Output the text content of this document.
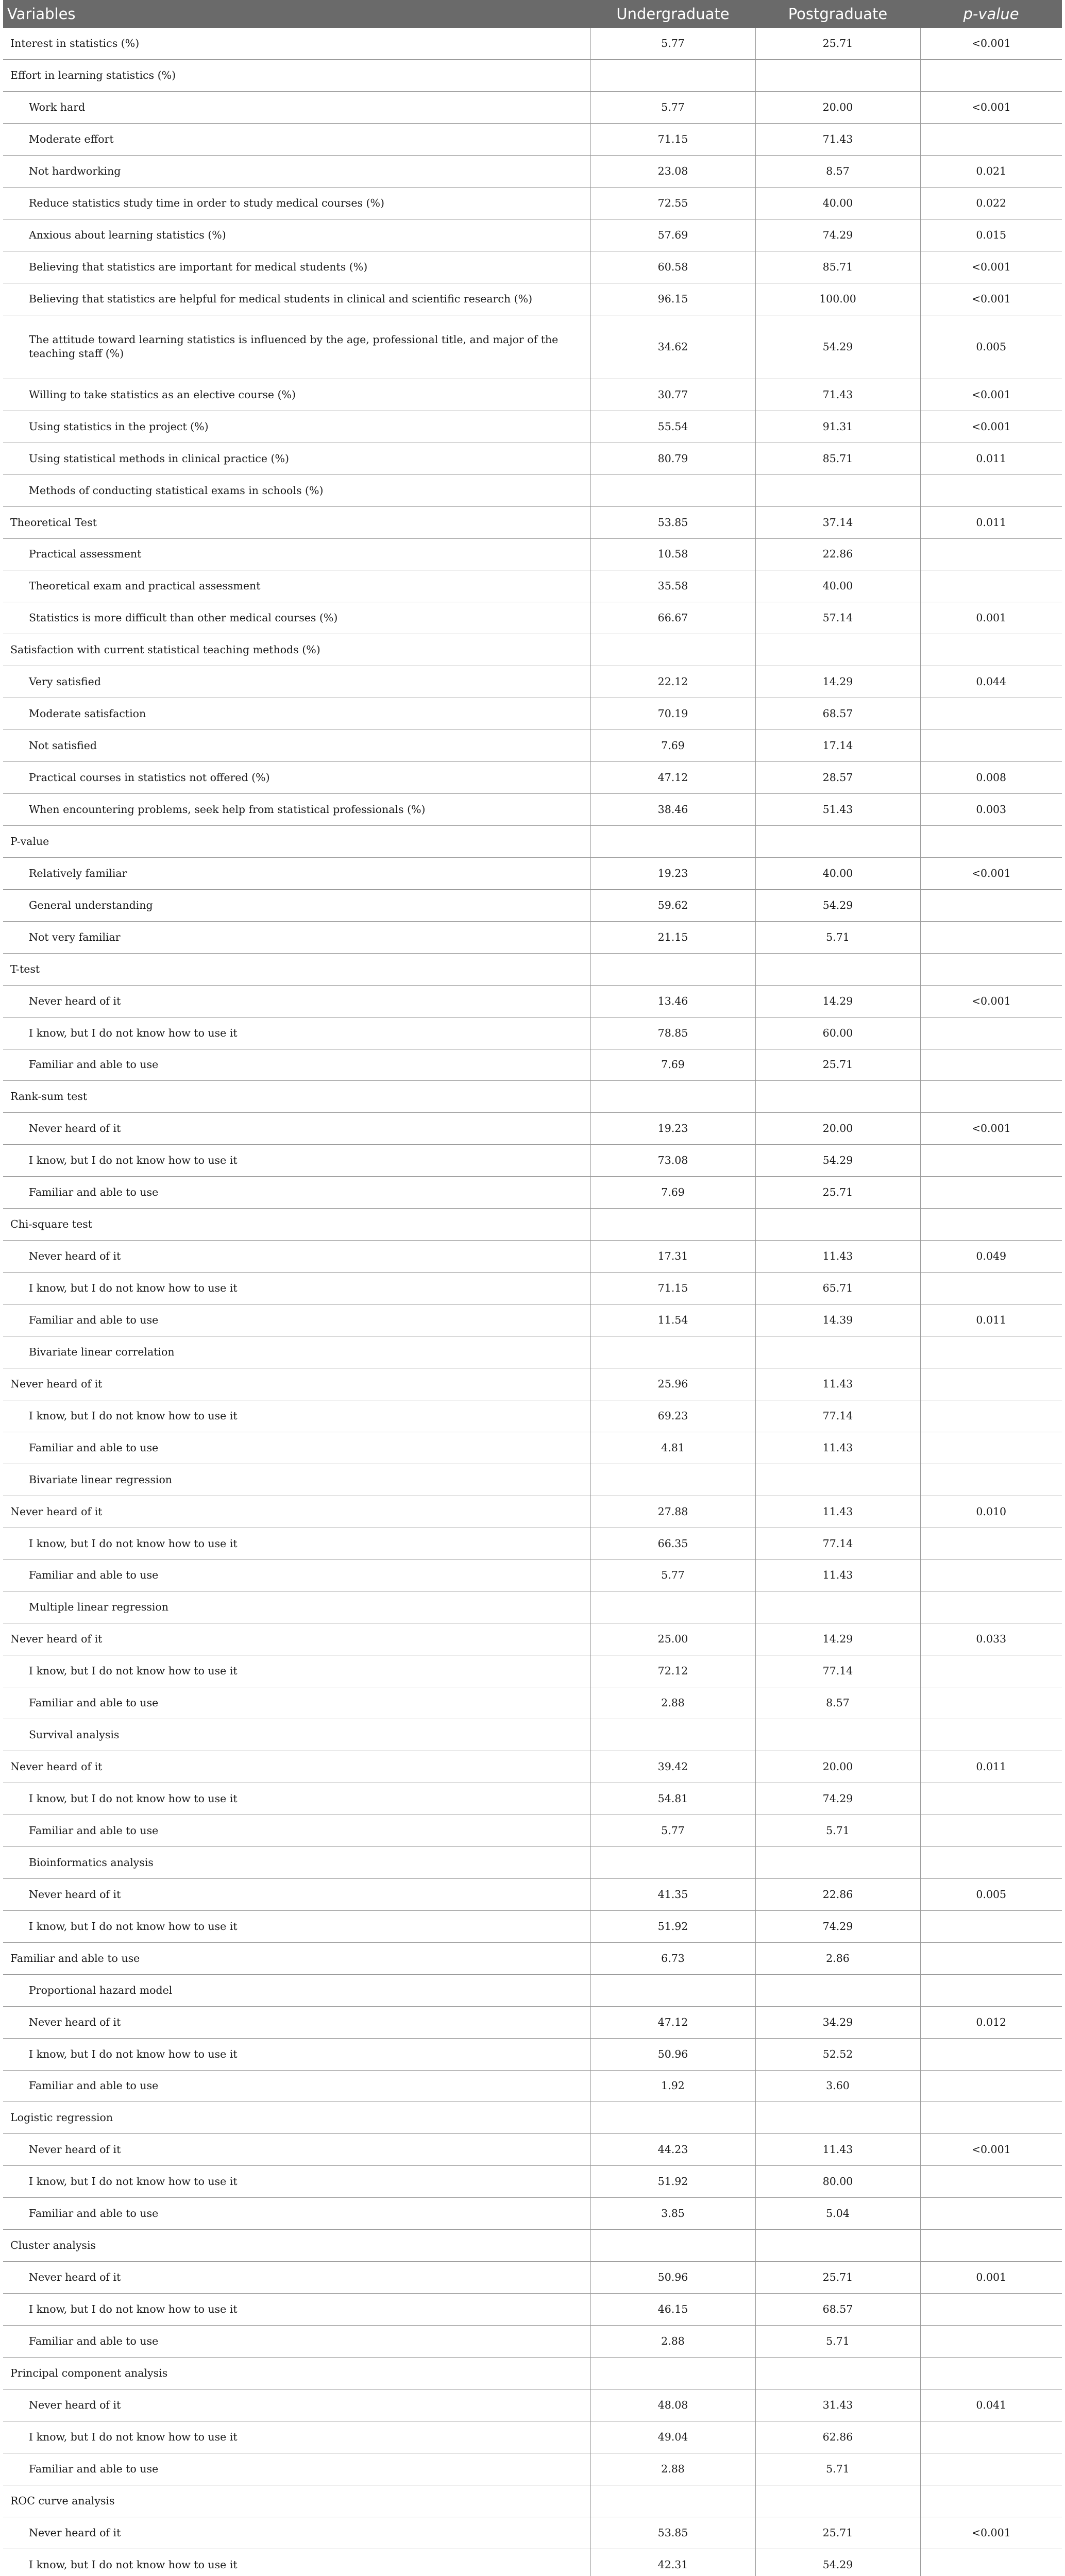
Variables	Undergraduate	Postgraduate	p-value
Interest in statistics (%)	5.77	25.71	<0.001
Effort in learning statistics (%)			
Work hard	5.77	20.00	<0.001
Moderate effort	71.15	71.43	
Not hardworking	23.08	8.57	0.021
Reduce statistics study time in order to study medical courses (%)	72.55	40.00	0.022
Anxious about learning statistics (%)	57.69	74.29	0.015
Believing that statistics are important for medical students (%)	60.58	85.71	<0.001
Believing that statistics are helpful for medical students in clinical and scientific research (%)	96.15	100.00	<0.001
The attitude toward learning statistics is influenced by the age, professional title, and major of the teaching staff (%)	34.62	54.29	0.005
Willing to take statistics as an elective course (%)	30.77	71.43	<0.001
Using statistics in the project (%)	55.54	91.31	<0.001
Using statistical methods in clinical practice (%)	80.79	85.71	0.011
Methods of conducting statistical exams in schools (%)			
Theoretical Test	53.85	37.14	0.011
Practical assessment	10.58	22.86	
Theoretical exam and practical assessment	35.58	40.00	
Statistics is more difficult than other medical courses (%)	66.67	57.14	0.001
Satisfaction with current statistical teaching methods (%)			
Very satisfied	22.12	14.29	0.044
Moderate satisfaction	70.19	68.57	
Not satisfied	7.69	17.14	
Practical courses in statistics not offered (%)	47.12	28.57	0.008
When encountering problems, seek help from statistical professionals (%)	38.46	51.43	0.003
P-value			
Relatively familiar	19.23	40.00	<0.001
General understanding	59.62	54.29	
Not very familiar	21.15	5.71	
T-test			
Never heard of it	13.46	14.29	<0.001
I know, but I do not know how to use it	78.85	60.00	
Familiar and able to use	7.69	25.71	
Rank-sum test			
Never heard of it	19.23	20.00	<0.001
I know, but I do not know how to use it	73.08	54.29	
Familiar and able to use	7.69	25.71	
Chi-square test			
Never heard of it	17.31	11.43	0.049
I know, but I do not know how to use it	71.15	65.71	
Familiar and able to use	11.54	14.39	0.011
Bivariate linear correlation			
Never heard of it	25.96	11.43	
I know, but I do not know how to use it	69.23	77.14	
Familiar and able to use	4.81	11.43	
Bivariate linear regression			
Never heard of it	27.88	11.43	0.010
I know, but I do not know how to use it	66.35	77.14	
Familiar and able to use	5.77	11.43	
Multiple linear regression			
Never heard of it	25.00	14.29	0.033
I know, but I do not know how to use it	72.12	77.14	
Familiar and able to use	2.88	8.57	
Survival analysis			
Never heard of it	39.42	20.00	0.011
I know, but I do not know how to use it	54.81	74.29	
Familiar and able to use	5.77	5.71	
Bioinformatics analysis			
Never heard of it	41.35	22.86	0.005
I know, but I do not know how to use it	51.92	74.29	
Familiar and able to use	6.73	2.86	
Proportional hazard model			
Never heard of it	47.12	34.29	0.012
I know, but I do not know how to use it	50.96	52.52	
Familiar and able to use	1.92	3.60	
Logistic regression			
Never heard of it	44.23	11.43	<0.001
I know, but I do not know how to use it	51.92	80.00	
Familiar and able to use	3.85	5.04	
Cluster analysis			
Never heard of it	50.96	25.71	0.001
I know, but I do not know how to use it	46.15	68.57	
Familiar and able to use	2.88	5.71	
Principal component analysis			
Never heard of it	48.08	31.43	0.041
I know, but I do not know how to use it	49.04	62.86	
Familiar and able to use	2.88	5.71	
ROC curve analysis			
Never heard of it	53.85	25.71	<0.001
I know, but I do not know how to use it	42.31	54.29	
